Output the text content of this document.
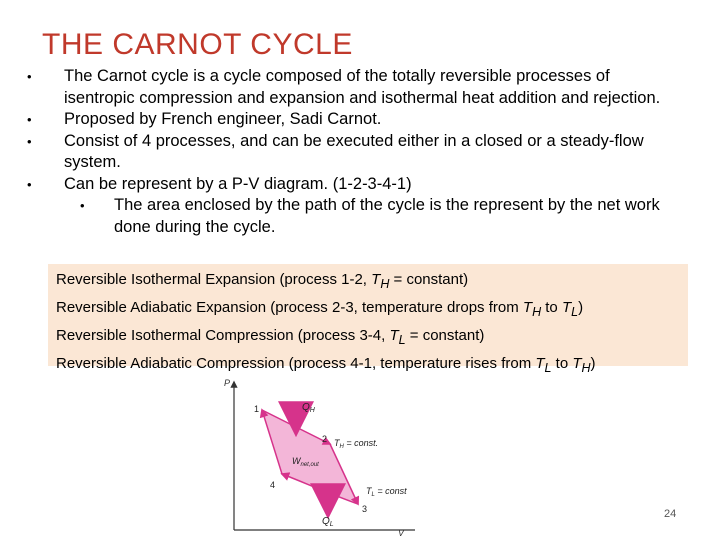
THE CARNOT CYCLE
• The Carnot cycle is a cycle composed of the totally reversible processes of isentropic compression and expansion and isothermal heat addition and rejection.
• Proposed by French engineer, Sadi Carnot.
• Consist of 4 processes, and can be executed either in a closed or a steady-flow system.
• Can be represent by a P-V diagram. (1-2-3-4-1)
• The area enclosed by the path of the cycle is the represent by the net work done during the cycle.
Reversible Isothermal Expansion (process 1-2, $T_H$ = constant)
Reversible Adiabatic Expansion (process 2-3, temperature drops from $T_H$ to $T_L$)
Reversible Isothermal Compression (process 3-4, $T_L$ = constant)
Reversible Adiabatic Compression (process 4-1, temperature rises from $T_L$ to $T_H$)
P
V
$Q_H$
$Q_L$
$W_{net,out}$
1
2
3
4
$T_H$ = const.
$T_L$ = const
24
